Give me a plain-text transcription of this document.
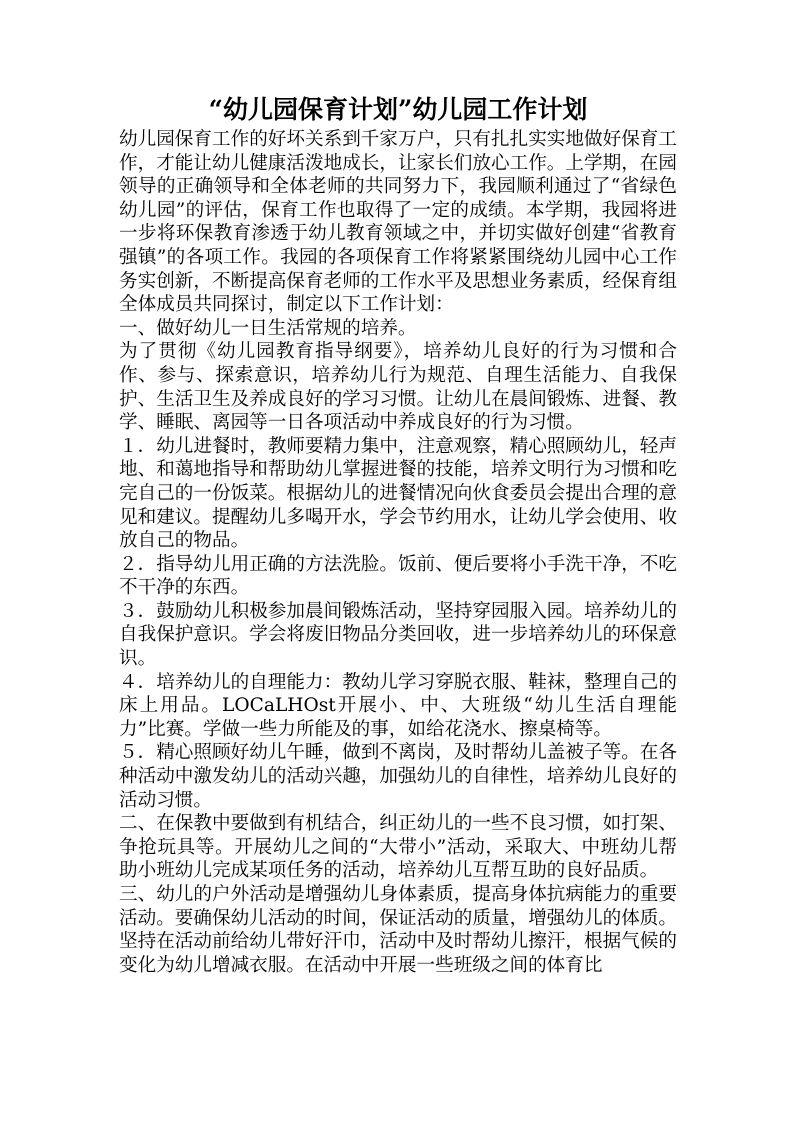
“幼儿园保育计划”幼儿园工作计划

幼儿园保育工作的好坏关系到千家万户，只有扎扎实实地做好保育工作，才能让幼儿健康活泼地成长，让家长们放心工作。上学期，在园领导的正确领导和全体老师的共同努力下，我园顺利通过了“省绿色幼儿园”的评估，保育工作也取得了一定的成绩。本学期，我园将进一步将环保教育渗透于幼儿教育领域之中，并切实做好创建“省教育强镇”的各项工作。我园的各项保育工作将紧紧围绕幼儿园中心工作务实创新，不断提高保育老师的工作水平及思想业务素质，经保育组全体成员共同探讨，制定以下工作计划：

一、做好幼儿一日生活常规的培养。

为了贯彻《幼儿园教育指导纲要》，培养幼儿良好的行为习惯和合作、参与、探索意识，培养幼儿行为规范、自理生活能力、自我保护、生活卫生及养成良好的学习习惯。让幼儿在晨间锻炼、进餐、教学、睡眠、离园等一日各项活动中养成良好的行为习惯。

１．幼儿进餐时，教师要精力集中，注意观察，精心照顾幼儿，轻声地、和蔼地指导和帮助幼儿掌握进餐的技能，培养文明行为习惯和吃完自己的一份饭菜。根据幼儿的进餐情况向伙食委员会提出合理的意见和建议。提醒幼儿多喝开水，学会节约用水，让幼儿学会使用、收放自己的物品。

２．指导幼儿用正确的方法洗脸。饭前、便后要将小手洗干净，不吃不干净的东西。

３．鼓励幼儿积极参加晨间锻炼活动，坚持穿园服入园。培养幼儿的自我保护意识。学会将废旧物品分类回收，进一步培养幼儿的环保意识。

４．培养幼儿的自理能力：教幼儿学习穿脱衣服、鞋袜，整理自己的床上用品。LOCaLHOst开展小、中、大班级“幼儿生活自理能力”比赛。学做一些力所能及的事，如给花浇水、擦桌椅等。

５．精心照顾好幼儿午睡，做到不离岗，及时帮幼儿盖被子等。在各种活动中激发幼儿的活动兴趣，加强幼儿的自律性，培养幼儿良好的活动习惯。

二、在保教中要做到有机结合，纠正幼儿的一些不良习惯，如打架、争抢玩具等。开展幼儿之间的“大带小”活动，采取大、中班幼儿帮助小班幼儿完成某项任务的活动，培养幼儿互帮互助的良好品质。

三、幼儿的户外活动是增强幼儿身体素质，提高身体抗病能力的重要活动。要确保幼儿活动的时间，保证活动的质量，增强幼儿的体质。坚持在活动前给幼儿带好汗巾，活动中及时帮幼儿擦汗，根据气候的变化为幼儿增减衣服。在活动中开展一些班级之间的体育比
